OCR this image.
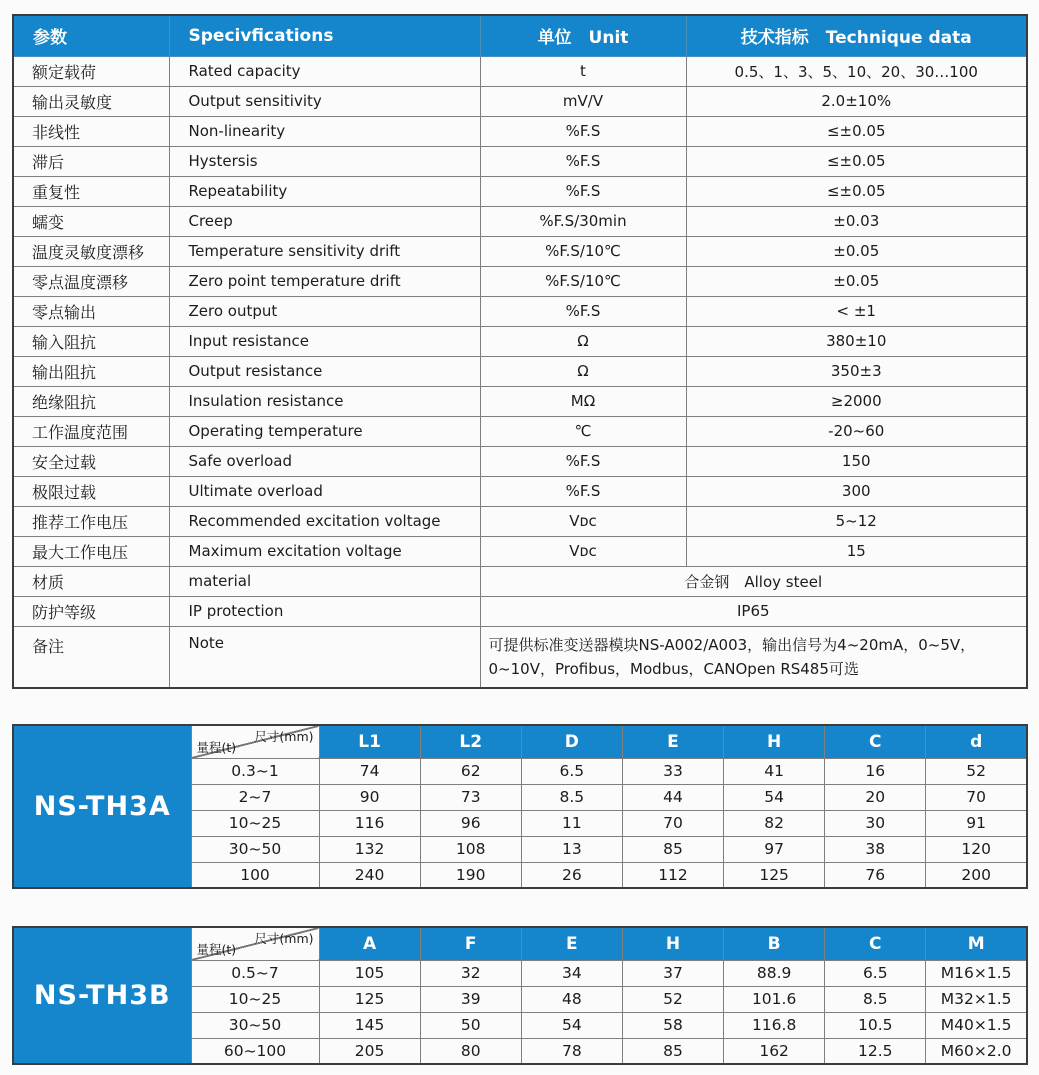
参数	Specivfications	单位　Unit	技术指标　Technique data
额定载荷	Rated capacity	t	0.5、1、3、5、10、20、30…100
输出灵敏度	Output sensitivity	mV/V	2.0±10%
非线性	Non-linearity	%F.S	≤±0.05
滞后	Hystersis	%F.S	≤±0.05
重复性	Repeatability	%F.S	≤±0.05
蠕变	Creep	%F.S/30min	±0.03
温度灵敏度漂移	Temperature sensitivity drift	%F.S/10℃	±0.05
零点温度漂移	Zero point temperature drift	%F.S/10℃	±0.05
零点输出	Zero output	%F.S	< ±1
输入阻抗	Input resistance	Ω	380±10
输出阻抗	Output resistance	Ω	350±3
绝缘阻抗	Insulation resistance	MΩ	≥2000
工作温度范围	Operating temperature	℃	-20~60
安全过载	Safe overload	%F.S	150
极限过载	Ultimate overload	%F.S	300
推荐工作电压	Recommended excitation voltage	Vᴅᴄ	5~12
最大工作电压	Maximum excitation voltage	Vᴅᴄ	15
材质	material	合金钢　Alloy steel	
防护等级	IP protection	IP65	
备注	Note	可提供标准变送器模块NS-A002/A003，输出信号为4~20mA，0~5V，
0~10V，Profibus，Modbus，CANOpen RS485可选	
NS-TH3A	尺寸(mm)
量程(t)	L1	L2	D	E	H	C	d
	0.3~1	74	62	6.5	33	41	16	52
	2~7	90	73	8.5	44	54	20	70
	10~25	116	96	11	70	82	30	91
	30~50	132	108	13	85	97	38	120
	100	240	190	26	112	125	76	200
NS-TH3B	尺寸(mm)
量程(t)	A	F	E	H	B	C	M
	0.5~7	105	32	34	37	88.9	6.5	M16×1.5
	10~25	125	39	48	52	101.6	8.5	M32×1.5
	30~50	145	50	54	58	116.8	10.5	M40×1.5
	60~100	205	80	78	85	162	12.5	M60×2.0
